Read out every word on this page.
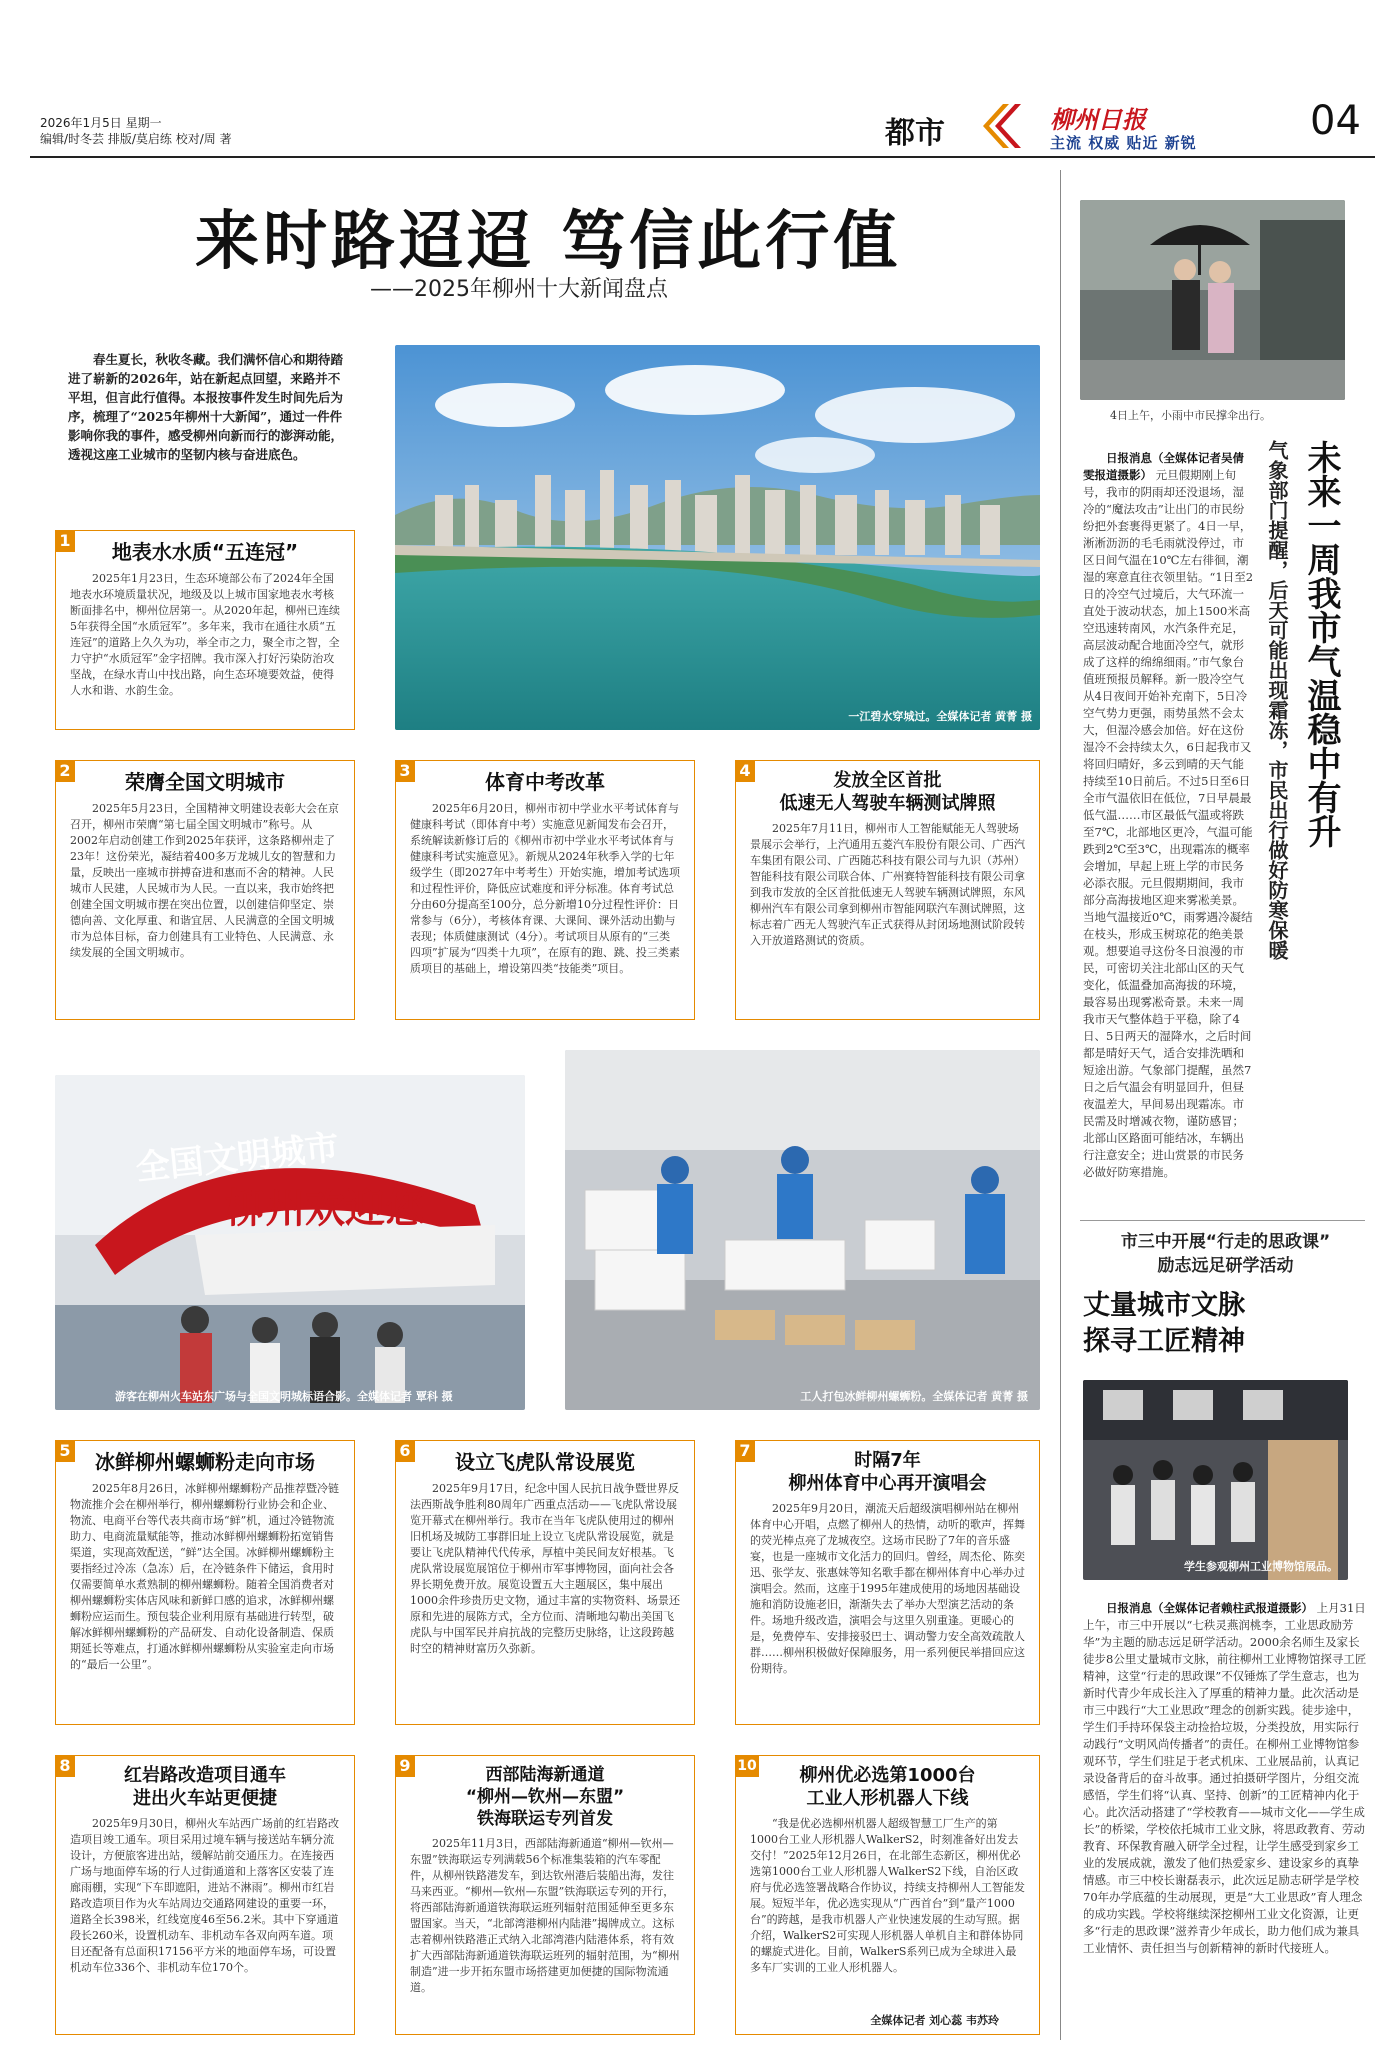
2026年1月5日 星期一
编辑/时冬芸 排版/莫启练 校对/周 著	都市	柳州日报
主流 权威 贴近 新锐	04
来时路迢迢 笃信此行值
——2025年柳州十大新闻盘点
春生夏长，秋收冬藏。我们满怀信心和期待踏进了崭新的2026年，站在新起点回望，来路并不平坦，但言此行值得。本报按事件发生时间先后为序，梳理了“2025年柳州十大新闻”，通过一件件影响你我的事件，感受柳州向新而行的澎湃动能，透视这座工业城市的坚韧内核与奋进底色。
一江碧水穿城过。全媒体记者 黄菁 摄
1	地表水水质“五连冠”
2025年1月23日，生态环境部公布了2024年全国地表水环境质量状况，地级及以上城市国家地表水考核断面排名中，柳州位居第一。从2020年起，柳州已连续5年获得全国“水质冠军”。多年来，我市在通往水质“五连冠”的道路上久久为功，举全市之力，聚全市之智，全力守护“水质冠军”金字招牌。我市深入打好污染防治攻坚战，在绿水青山中找出路，向生态环境要效益，使得人水和谐、水韵生金。
2	荣膺全国文明城市
2025年5月23日，全国精神文明建设表彰大会在京召开，柳州市荣膺“第七届全国文明城市”称号。从2002年启动创建工作到2025年获评，这条路柳州走了23年！这份荣光，凝结着400多万龙城儿女的智慧和力量，反映出一座城市拼搏奋进和惠而不舍的精神。人民城市人民建，人民城市为人民。一直以来，我市始终把创建全国文明城市摆在突出位置，以创建信仰坚定、崇德向善、文化厚重、和谐宜居、人民满意的全国文明城市为总体目标，奋力创建具有工业特色、人民满意、永续发展的全国文明城市。
3	体育中考改革
2025年6月20日，柳州市初中学业水平考试体育与健康科考试（即体育中考）实施意见新闻发布会召开，系统解读新修订后的《柳州市初中学业水平考试体育与健康科考试实施意见》。新规从2024年秋季入学的七年级学生（即2027年中考考生）开始实施，增加考试选项和过程性评价，降低应试难度和评分标准。体育考试总分由60分提高至100分，总分新增10分过程性评价：日常参与（6分），考核体育课、大课间、课外活动出勤与表现；体质健康测试（4分）。考试项目从原有的“三类四项”扩展为“四类十九项”，在原有的跑、跳、投三类素质项目的基础上，增设第四类“技能类”项目。
4	发放全区首批
低速无人驾驶车辆测试牌照
2025年7月11日，柳州市人工智能赋能无人驾驶场景展示会举行，上汽通用五菱汽车股份有限公司、广西汽车集团有限公司、广西随芯科技有限公司与九识（苏州）智能科技有限公司联合体、广州赛特智能科技有限公司拿到我市发放的全区首批低速无人驾驶车辆测试牌照，东风柳州汽车有限公司拿到柳州市智能网联汽车测试牌照，这标志着广西无人驾驶汽车正式获得从封闭场地测试阶段转入开放道路测试的资质。
全国文明城市
柳州欢迎您
游客在柳州火车站东广场与全国文明城标语合影。全媒体记者 覃科 摄	工人打包冰鲜柳州螺蛳粉。全媒体记者 黄菁 摄
5	冰鲜柳州螺蛳粉走向市场
2025年8月26日，冰鲜柳州螺蛳粉产品推荐暨冷链物流推介会在柳州举行，柳州螺蛳粉行业协会和企业、物流、电商平台等代表共商市场“鲜”机，通过冷链物流助力、电商流量赋能等，推动冰鲜柳州螺蛳粉拓宽销售渠道，实现高效配送，“鲜”达全国。冰鲜柳州螺蛳粉主要指经过冷冻（急冻）后，在冷链条件下储运，食用时仅需要简单水煮熟制的柳州螺蛳粉。随着全国消费者对柳州螺蛳粉实体店风味和新鲜口感的追求，冰鲜柳州螺蛳粉应运而生。预包装企业利用原有基础进行转型，破解冰鲜柳州螺蛳粉的产品研发、自动化设备制造、保质期延长等难点，打通冰鲜柳州螺蛳粉从实验室走向市场的“最后一公里”。
6	设立飞虎队常设展览
2025年9月17日，纪念中国人民抗日战争暨世界反法西斯战争胜利80周年广西重点活动——飞虎队常设展览开幕式在柳州举行。我市在当年飞虎队使用过的柳州旧机场及城防工事群旧址上设立飞虎队常设展览，就是要让飞虎队精神代代传承，厚植中美民间友好根基。飞虎队常设展览展馆位于柳州市军事博物园，面向社会各界长期免费开放。展览设置五大主题展区，集中展出1000余件珍贵历史文物，通过丰富的实物资料、场景还原和先进的展陈方式，全方位而、清晰地勾勒出美国飞虎队与中国军民并肩抗战的完整历史脉络，让这段跨越时空的精神财富历久弥新。
7	时隔7年
柳州体育中心再开演唱会
2025年9月20日，潮流天后超级演唱柳州站在柳州体育中心开唱，点燃了柳州人的热情，动听的歌声，挥舞的荧光棒点亮了龙城夜空。这场市民盼了7年的音乐盛宴，也是一座城市文化活力的回归。曾经，周杰伦、陈奕迅、张学友、张惠妹等知名歌手都在柳州体育中心举办过演唱会。然而，这座于1995年建成使用的场地因基础设施和消防设施老旧，渐渐失去了举办大型演艺活动的条件。场地升级改造，演唱会与这里久别重逢。更暖心的是，免费停车、安排接驳巴士、调动警力安全高效疏散人群……柳州积极做好保障服务，用一系列便民举措回应这份期待。
8	红岩路改造项目通车
进出火车站更便捷
2025年9月30日，柳州火车站西广场前的红岩路改造项目竣工通车。项目采用过境车辆与接送站车辆分流设计，方便旅客进出站，缓解站前交通压力。在连接西广场与地面停车场的行人过街通道和上落客区安装了连廊雨棚，实现“下车即遮阳，进站不淋雨”。柳州市红岩路改造项目作为火车站周边交通路网建设的重要一环，道路全长398米，红线宽度46至56.2米。其中下穿通道段长260米，设置机动车、非机动车各双向两车道。项目还配备有总面积17156平方米的地面停车场，可设置机动车位336个、非机动车位170个。
9	西部陆海新通道
“柳州—钦州—东盟”
铁海联运专列首发
2025年11月3日，西部陆海新通道“柳州—钦州—东盟”铁海联运专列满载56个标准集装箱的汽车零配件，从柳州铁路港发车，到达钦州港后装船出海，发往马来西亚。“柳州—钦州—东盟”铁海联运专列的开行，将西部陆海新通道铁海联运班列辐射范围延伸至更多东盟国家。当天，“北部湾港柳州内陆港”揭牌成立。这标志着柳州铁路港正式纳入北部湾港内陆港体系，将有效扩大西部陆海新通道铁海联运班列的辐射范围，为“柳州制造”进一步开拓东盟市场搭建更加便捷的国际物流通道。
10	柳州优必选第1000台
工业人形机器人下线
“我是优必选柳州机器人超级智慧工厂生产的第1000台工业人形机器人WalkerS2，时刻准备好出发去交付！”2025年12月26日，在北部生态新区，柳州优必选第1000台工业人形机器人WalkerS2下线，自治区政府与优必选签署战略合作协议，持续支持柳州人工智能发展。短短半年，优必选实现从“广西首台”到“量产1000台”的跨越，是我市机器人产业快速发展的生动写照。据介绍，WalkerS2可实现人形机器人单机自主和群体协同的螺旋式进化。目前，WalkerS系列已成为全球进入最多车厂实训的工业人形机器人。
全媒体记者 刘心蕊 韦苏玲
4日上午，小雨中市民撑伞出行。
未来一周我市气温稳中有升
气象部门提醒，后天可能出现霜冻，市民出行做好防寒保暖
日报消息（全媒体记者吴倩雯报道摄影） 元旦假期刚上旬号，我市的阴雨却还没退场，湿冷的“魔法攻击”让出门的市民纷纷把外套裹得更紧了。4日一早，淅淅沥沥的毛毛雨就没停过，市区日间气温在10℃左右徘徊，潮湿的寒意直往衣领里钻。“1日至2日的冷空气过境后，大气环流一直处于波动状态，加上1500米高空迅速转南风，水汽条件充足，高层波动配合地面冷空气，就形成了这样的绵绵细雨。”市气象台值班预报员解释。新一股冷空气从4日夜间开始补充南下，5日冷空气势力更强，雨势虽然不会太大，但湿冷感会加倍。好在这份湿冷不会持续太久，6日起我市又将回归晴好，多云到晴的天气能持续至10日前后。不过5日至6日全市气温依旧在低位，7日早晨最低气温……市区最低气温或将跌至7℃，北部地区更冷，气温可能跌到2℃至3℃，出现霜冻的概率会增加，早起上班上学的市民务必添衣服。元旦假期期间，我市部分高海拔地区迎来雾凇美景。当地气温接近0℃，雨雾遇冷凝结在枝头，形成玉树琼花的绝美景观。想要追寻这份冬日浪漫的市民，可密切关注北部山区的天气变化，低温叠加高海拔的环境，最容易出现雾凇奇景。未来一周我市天气整体趋于平稳，除了4日、5日两天的湿降水，之后时间都是晴好天气，适合安排洗晒和短途出游。气象部门提醒，虽然7日之后气温会有明显回升，但昼夜温差大，早间易出现霜冻。市民需及时增减衣物，谨防感冒；北部山区路面可能结冰，车辆出行注意安全；进山赏景的市民务必做好防寒措施。
市三中开展“行走的思政课”
励志远足研学活动
丈量城市文脉
探寻工匠精神
学生参观柳州工业博物馆展品。
日报消息（全媒体记者赖柱武报道摄影） 上月31日上午，市三中开展以“七秩灵燕润桃李，工业思政励芳华”为主题的励志远足研学活动。2000余名师生及家长徒步8公里丈量城市文脉，前往柳州工业博物馆探寻工匠精神，这堂“行走的思政课”不仅锤炼了学生意志，也为新时代青少年成长注入了厚重的精神力量。此次活动是市三中践行“大工业思政”理念的创新实践。徒步途中，学生们手持环保袋主动捡拾垃圾，分类投放，用实际行动践行“文明风尚传播者”的责任。在柳州工业博物馆参观环节，学生们驻足于老式机床、工业展品前，认真记录设备背后的奋斗故事。通过拍摄研学图片，分组交流感悟，学生们将“认真、坚持、创新”的工匠精神内化于心。此次活动搭建了“学校教育——城市文化——学生成长”的桥梁，学校依托城市工业文脉，将思政教育、劳动教育、环保教育融入研学全过程，让学生感受到家乡工业的发展成就，激发了他们热爱家乡、建设家乡的真挚情感。市三中校长谢磊表示，此次远足励志研学是学校70年办学底蕴的生动展现，更是“大工业思政”育人理念的成功实践。学校将继续深挖柳州工业文化资源，让更多“行走的思政课”滋养青少年成长，助力他们成为兼具工业情怀、责任担当与创新精神的新时代接班人。
